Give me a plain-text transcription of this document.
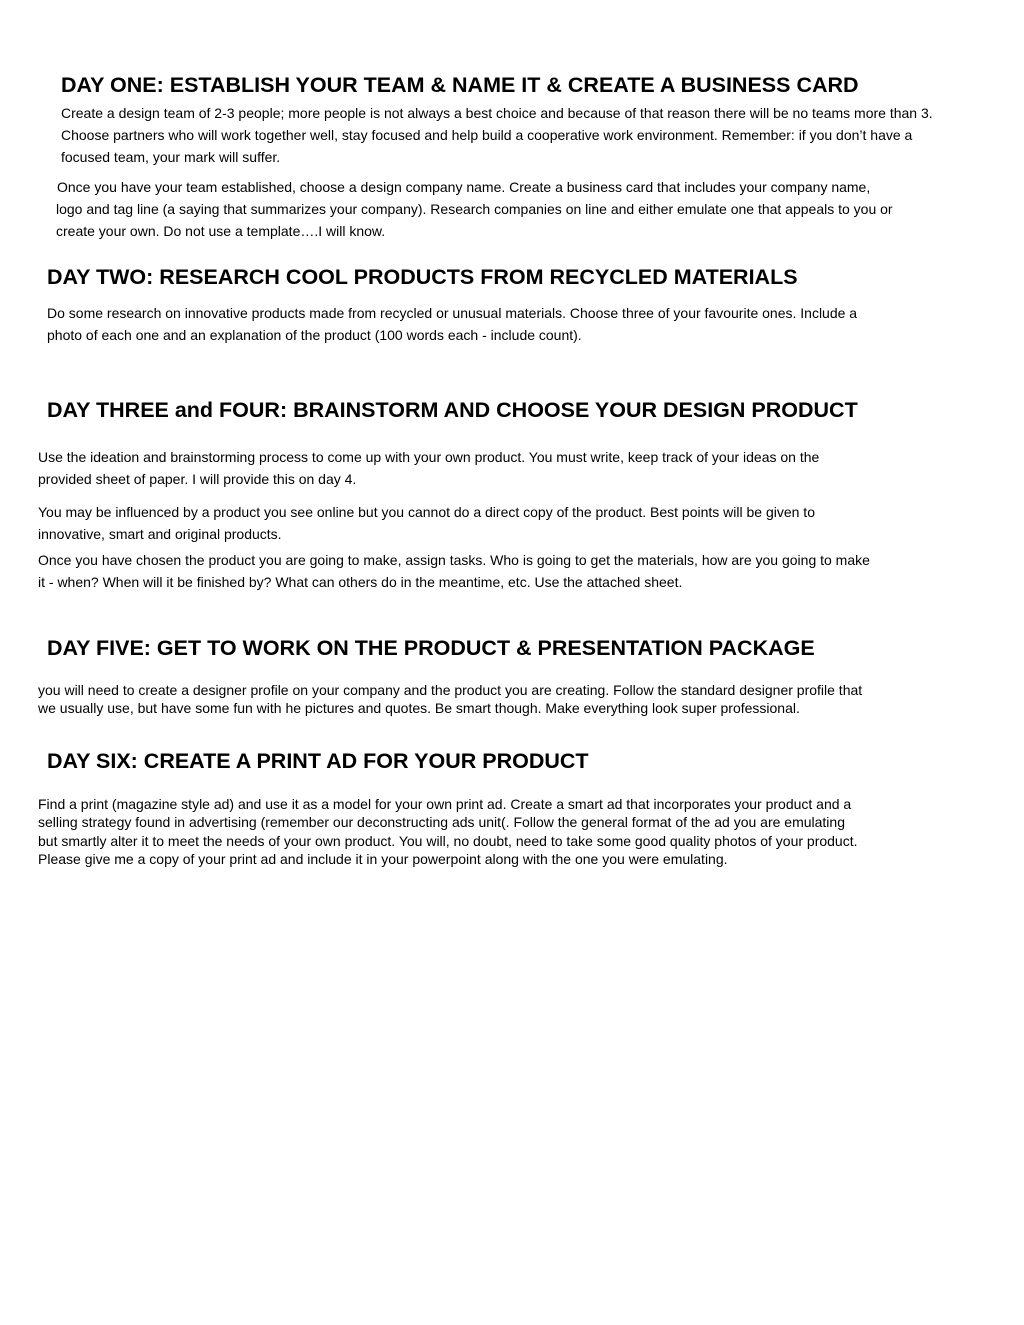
DAY ONE: ESTABLISH YOUR TEAM & NAME IT & CREATE A BUSINESS CARD

Create a design team of 2-3 people; more people is not always a best choice and because of that reason there will be no teams more than 3.
Choose partners who will work together well, stay focused and help build a cooperative work environment. Remember: if you don’t have a
focused team, your mark will suffer.

Once you have your team established, choose a design company name. Create a business card that includes your company name,
logo and tag line (a saying that summarizes your company). Research companies on line and either emulate one that appeals to you or
create your own. Do not use a template….I will know.

DAY TWO: RESEARCH COOL PRODUCTS FROM RECYCLED MATERIALS

Do some research on innovative products made from recycled or unusual materials. Choose three of your favourite ones. Include a
photo of each one and an explanation of the product (100 words each - include count).

DAY THREE and FOUR: BRAINSTORM AND CHOOSE YOUR DESIGN PRODUCT

Use the ideation and brainstorming process to come up with your own product. You must write, keep track of your ideas on the
provided sheet of paper. I will provide this on day 4.

You may be influenced by a product you see online but you cannot do a direct copy of the product. Best points will be given to
innovative, smart and original products.

Once you have chosen the product you are going to make, assign tasks. Who is going to get the materials, how are you going to make
it - when? When will it be finished by? What can others do in the meantime, etc. Use the attached sheet.

DAY FIVE: GET TO WORK ON THE PRODUCT & PRESENTATION PACKAGE

you will need to create a designer profile on your company and the product you are creating. Follow the standard designer profile that
we usually use, but have some fun with he pictures and quotes. Be smart though. Make everything look super professional.

DAY SIX: CREATE A PRINT AD FOR YOUR PRODUCT

Find a print (magazine style ad) and use it as a model for your own print ad. Create a smart ad that incorporates your product and a
selling strategy found in advertising (remember our deconstructing ads unit(. Follow the general format of the ad you are emulating
but smartly alter it to meet the needs of your own product. You will, no doubt, need to take some good quality photos of your product.
Please give me a copy of your print ad and include it in your powerpoint along with the one you were emulating.
